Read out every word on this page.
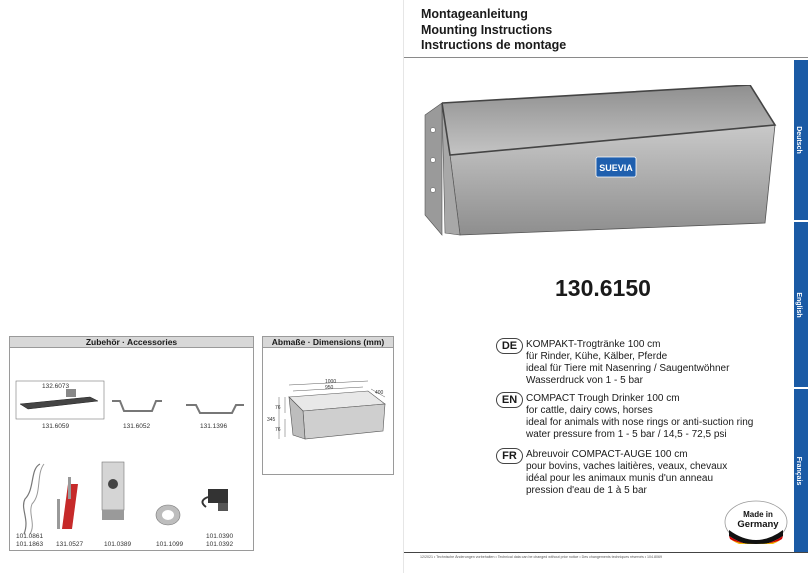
Montageanleitung
Mounting Instructions
Instructions de montage
SUEVIA
130.6150
Deutsch
English
Français
DE KOMPAKT-Trogtränke 100 cm
für Rinder, Kühe, Kälber, Pferde
ideal für Tiere mit Nasenring / Saugentwöhner
Wasserdruck von 1 - 5 bar
EN COMPACT Trough Drinker 100 cm
for cattle, dairy cows, horses
ideal for animals with nose rings or anti-suction ring
water pressure from 1 - 5 bar / 14,5 - 72,5 psi
FR Abreuvoir COMPACT-AUGE 100 cm
pour bovins, vaches laitières, veaux, chevaux
idéal pour les animaux munis d'un anneau
pression d'eau de 1 à 5 bar
Made in
Germany
12/2021 • Technische Änderungen vorbehalten • Technical data can be changed without prior notice • Des changements techniques réservés • 104.8069
Zubehör · Accessories
132.6073
131.6059	131.6052	131.1396
101.0861
101.1863 131.0527	101.0389	101.1099
101.0390
101.0392
Abmaße · Dimensions (mm)
1000
950
400
345
76
76
